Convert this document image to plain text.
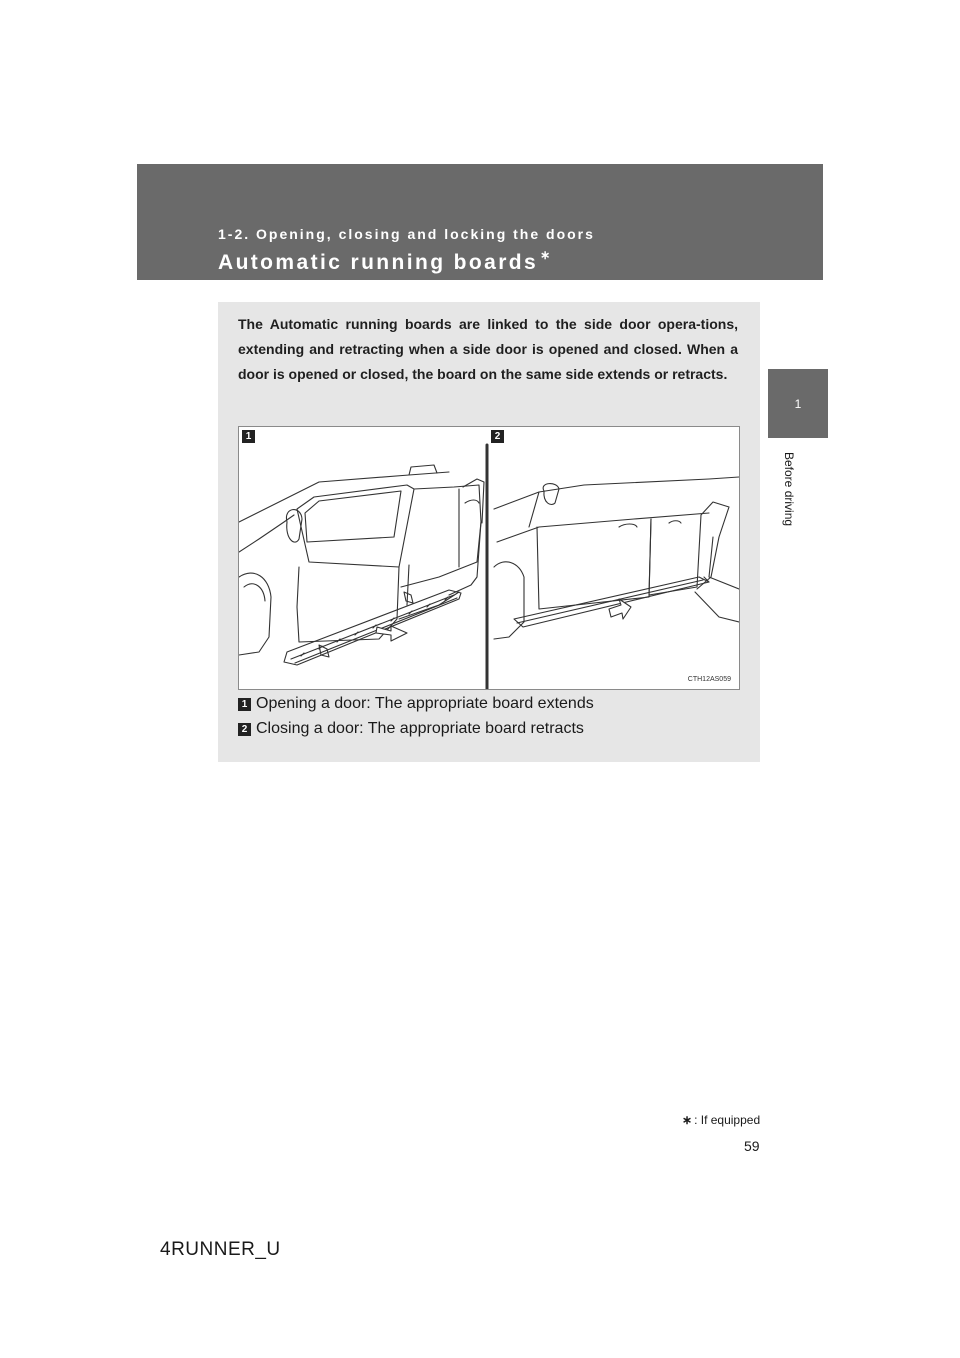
1-2. Opening, closing and locking the doors
Automatic running boards ∗
1
Before driving

The Automatic running boards are linked to the side door opera-tions, extending and retracting when a side door is opened and closed. When a door is opened or closed, the board on the same side extends or retracts.

1	2
CTH12AS059
1 Opening a door: The appropriate board extends
2 Closing a door: The appropriate board retracts
∗ : If equipped
59
4RUNNER_U
